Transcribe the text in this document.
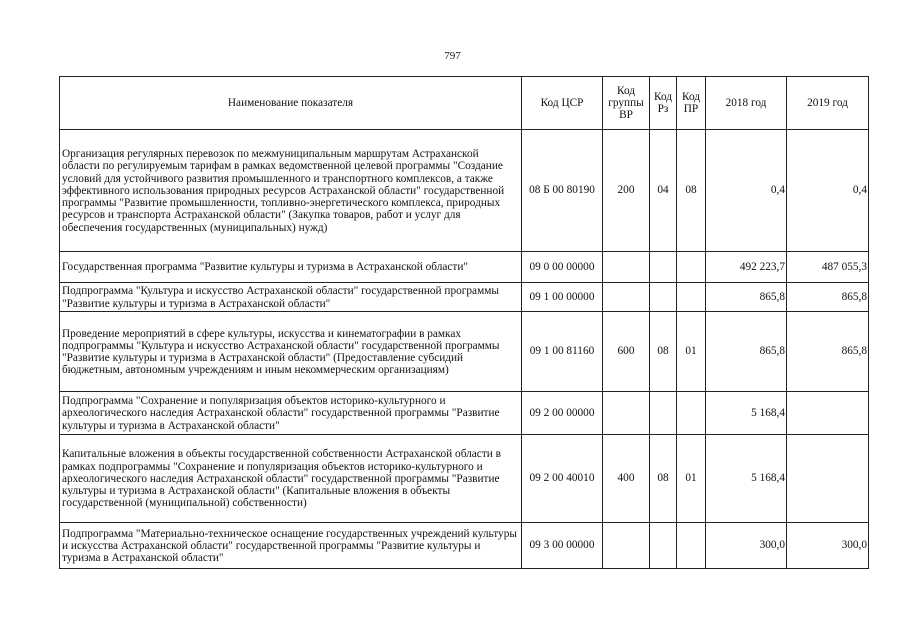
797
Наименование показателя	Код ЦСР	Код группы ВР	Код Рз	Код ПР	2018 год	2019 год
Организация регулярных перевозок по межмуниципальным маршрутам Астраханской области по регулируемым тарифам в рамках ведомственной целевой программы "Создание условий для устойчивого развития промышленного и транспортного комплексов, а также эффективного использования природных ресурсов Астраханской области" государственной программы "Развитие промышленности, топливно-энергетического комплекса, природных ресурсов и транспорта Астраханской области" (Закупка товаров, работ и услуг для обеспечения государственных (муниципальных) нужд)	08 Б 00 80190	200	04	08	0,4	0,4
Государственная программа "Развитие культуры и туризма в Астраханской области"	09 0 00 00000				492 223,7	487 055,3
Подпрограмма "Культура и искусство Астраханской области" государственной программы "Развитие культуры и туризма в Астраханской области"	09 1 00 00000				865,8	865,8
Проведение мероприятий в сфере культуры, искусства и кинематографии в рамках подпрограммы "Культура и искусство Астраханской области" государственной программы "Развитие культуры и туризма в Астраханской области" (Предоставление субсидий бюджетным, автономным учреждениям и иным некоммерческим организациям)	09 1 00 81160	600	08	01	865,8	865,8
Подпрограмма "Сохранение и популяризация объектов историко-культурного и археологического наследия Астраханской области" государственной программы "Развитие культуры и туризма в Астраханской области"	09 2 00 00000				5 168,4	
Капитальные вложения в объекты государственной собственности Астраханской области в рамках подпрограммы "Сохранение и популяризация объектов историко-культурного и археологического наследия Астраханской области" государственной программы "Развитие культуры и туризма в Астраханской области" (Капитальные вложения в объекты государственной (муниципальной) собственности)	09 2 00 40010	400	08	01	5 168,4	
Подпрограмма "Материально-техническое оснащение государственных учреждений культуры и искусства Астраханской области" государственной программы "Развитие культуры и туризма в Астраханской области"	09 3 00 00000				300,0	300,0
